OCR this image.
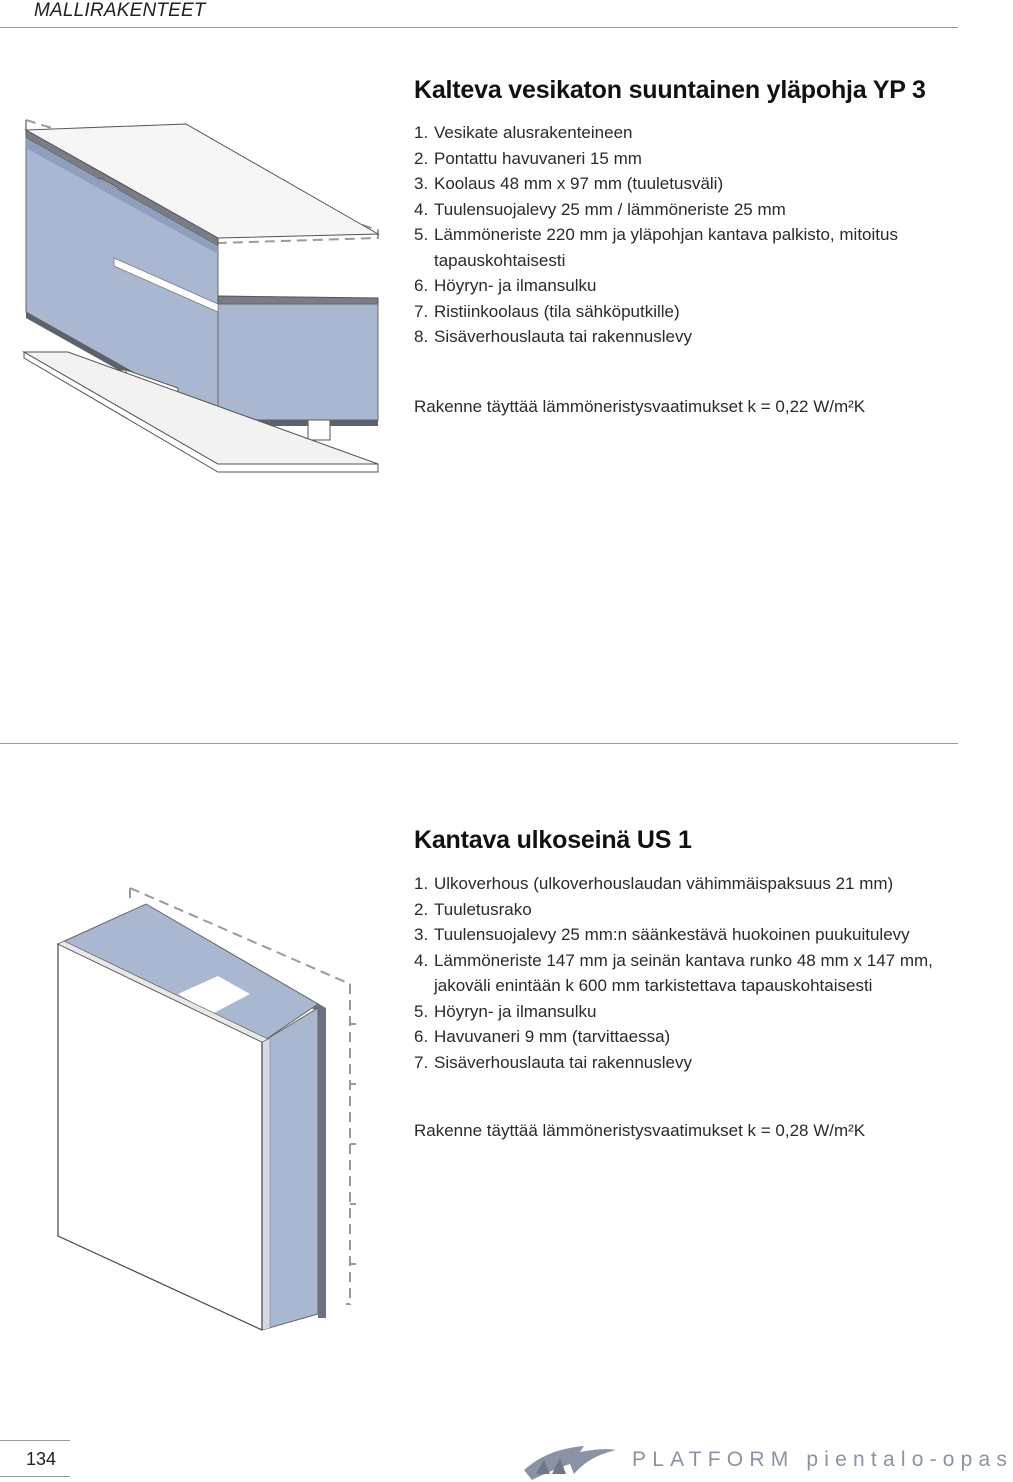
MALLIRAKENTEET
Kalteva vesikaton suuntainen yläpohja YP 3
1. Vesikate alusrakenteineen
2. Pontattu havuvaneri 15 mm
3. Koolaus 48 mm x 97 mm (tuuletusväli)
4. Tuulensuojalevy 25 mm / lämmöneriste 25 mm
5. Lämmöneriste 220 mm ja yläpohjan kantava palkisto, mitoitus tapauskohtaisesti
6. Höyryn- ja ilmansulku
7. Ristiinkoolaus (tila sähköputkille)
8. Sisäverhouslauta tai rakennuslevy
Rakenne täyttää lämmöneristysvaatimukset k = 0,22 W/m²K
Kantava ulkoseinä US 1
1. Ulkoverhous (ulkoverhouslaudan vähimmäispaksuus 21 mm)
2. Tuuletusrako
3. Tuulensuojalevy 25 mm:n säänkestävä huokoinen puukuitulevy
4. Lämmöneriste 147 mm ja seinän kantava runko 48 mm x 147 mm, jakoväli enintään k 600 mm tarkistettava tapauskohtaisesti
5. Höyryn- ja ilmansulku
6. Havuvaneri 9 mm (tarvittaessa)
7. Sisäverhouslauta tai rakennuslevy
Rakenne täyttää lämmöneristysvaatimukset k = 0,28 W/m²K
134	PLATFORM pientalo-opas
